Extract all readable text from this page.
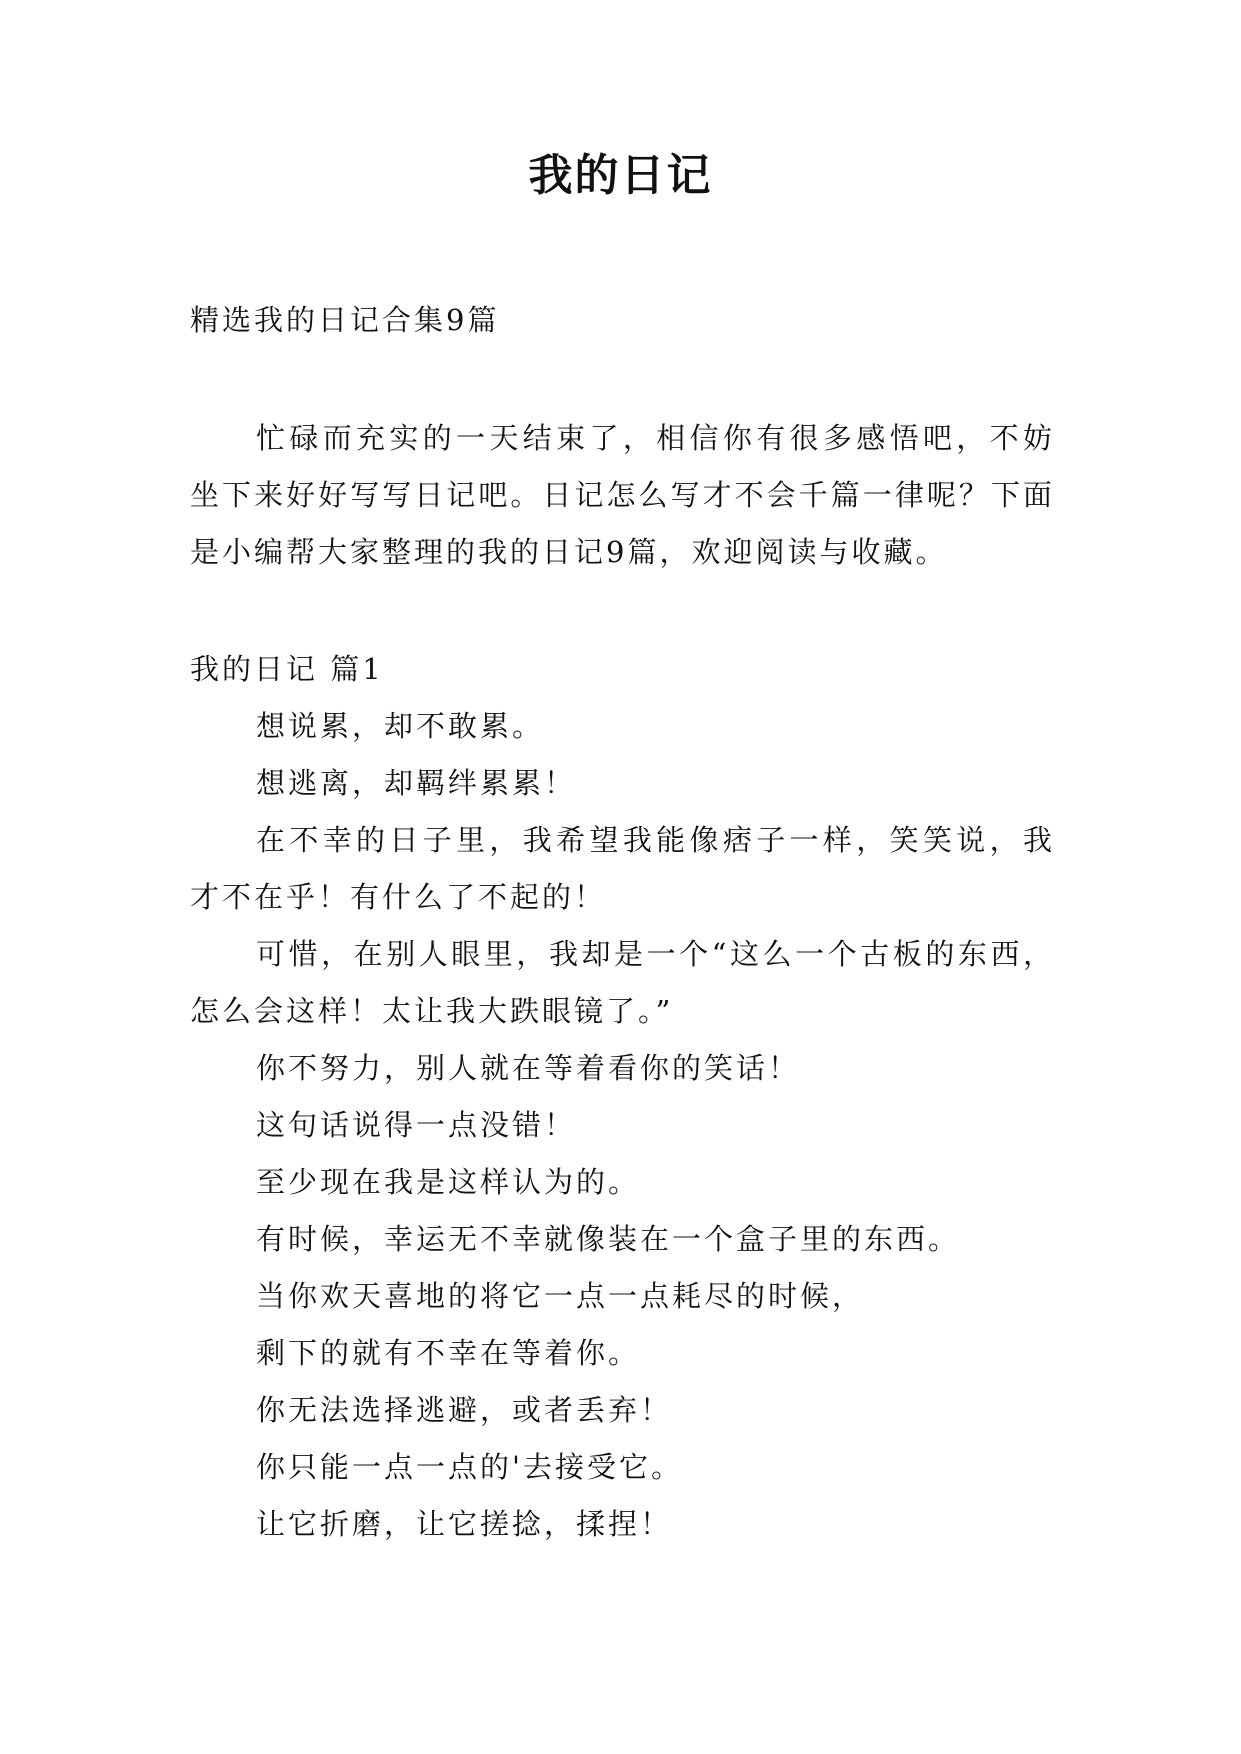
我的日记

精选我的日记合集9篇

忙碌而充实的一天结束了，相信你有很多感悟吧，不妨坐下来好好写写日记吧。日记怎么写才不会千篇一律呢？下面是小编帮大家整理的我的日记9篇，欢迎阅读与收藏。

我的日记 篇1

想说累，却不敢累。

想逃离，却羁绊累累！

在不幸的日子里，我希望我能像痞子一样，笑笑说，我才不在乎！有什么了不起的！

可惜，在别人眼里，我却是一个“这么一个古板的东西，怎么会这样！太让我大跌眼镜了。”

你不努力，别人就在等着看你的笑话！

这句话说得一点没错！

至少现在我是这样认为的。

有时候，幸运无不幸就像装在一个盒子里的东西。

当你欢天喜地的将它一点一点耗尽的时候，

剩下的就有不幸在等着你。

你无法选择逃避，或者丢弃！

你只能一点一点的'去接受它。

让它折磨，让它搓捻，揉捏！
